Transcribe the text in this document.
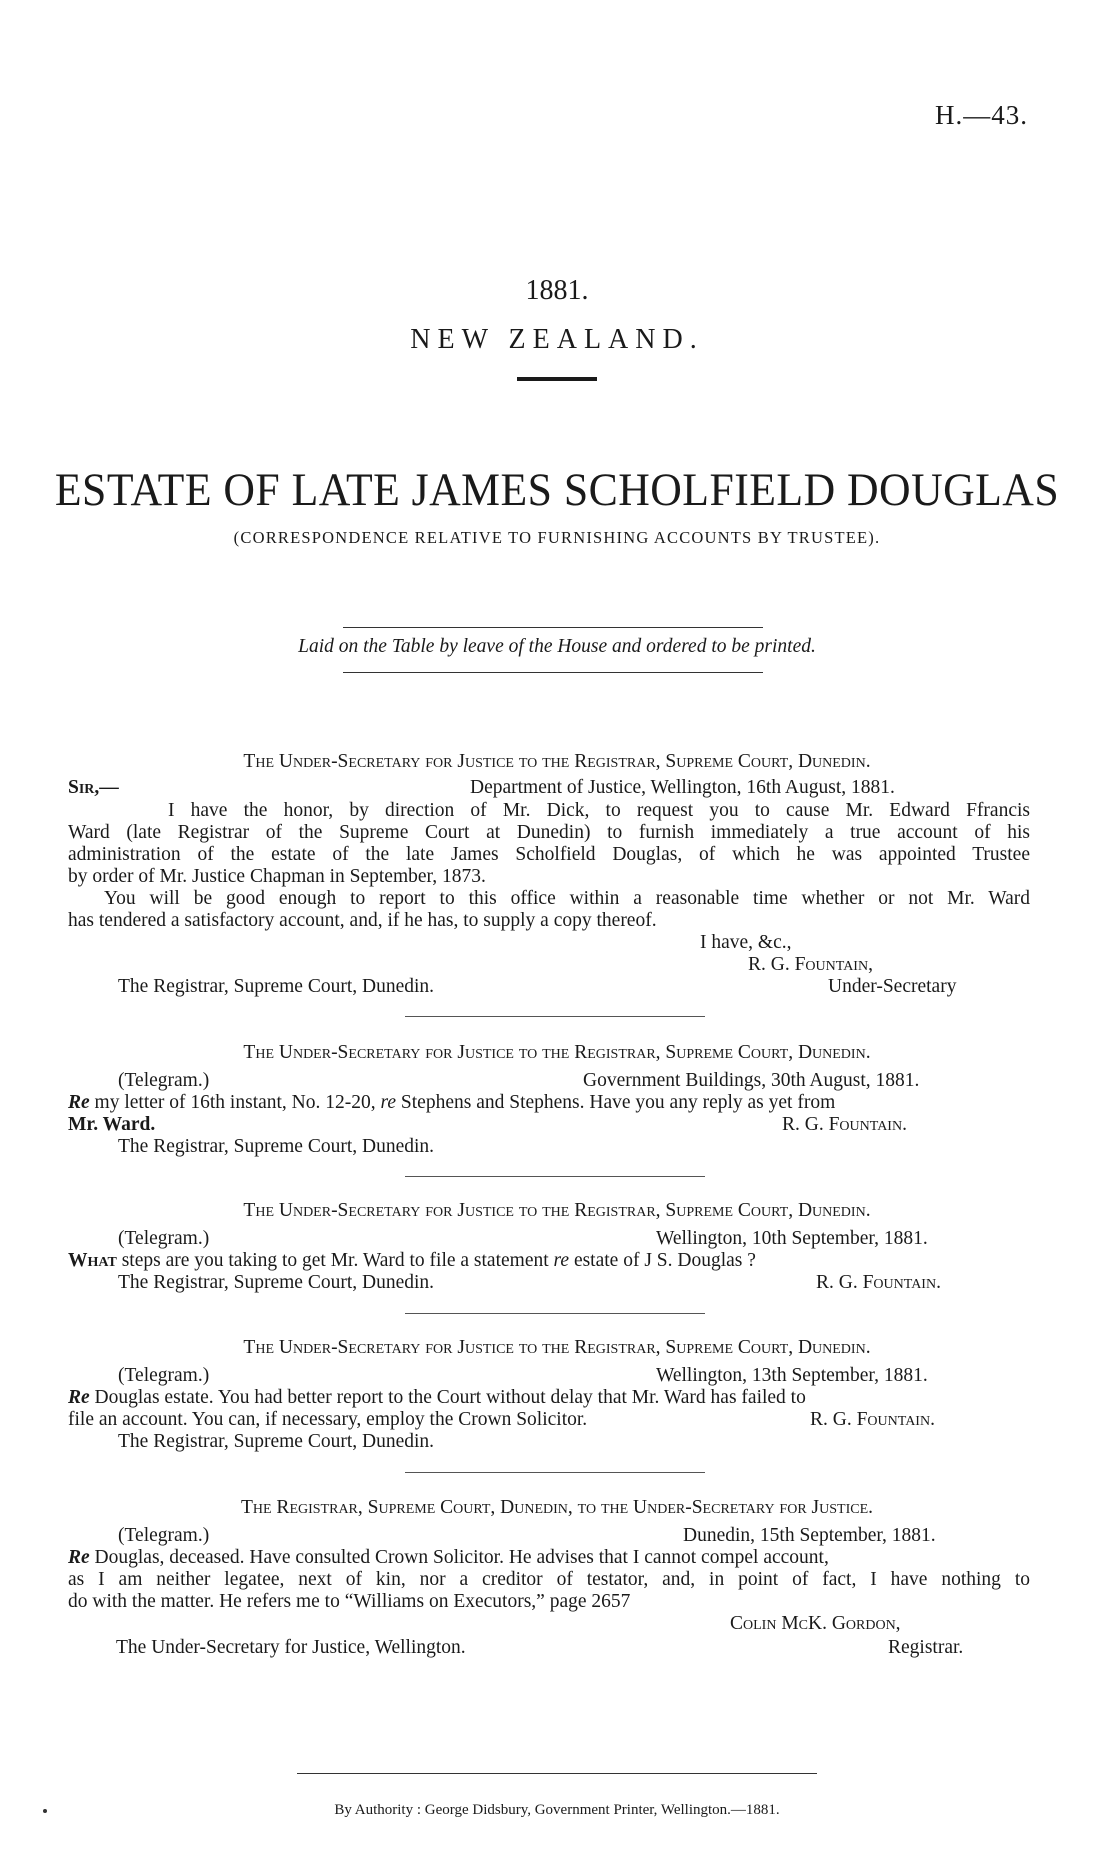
H.—43.
1881.
NEW ZEALAND.
ESTATE OF LATE JAMES SCHOLFIELD DOUGLAS
(CORRESPONDENCE RELATIVE TO FURNISHING ACCOUNTS BY TRUSTEE).
Laid on the Table by leave of the House and ordered to be printed.
The Under-Secretary for Justice to the Registrar, Supreme Court, Dunedin.
Sir,—	Department of Justice, Wellington, 16th August, 1881.
I have the honor, by direction of Mr. Dick, to request you to cause Mr. Edward Ffrancis
Ward (late Registrar of the Supreme Court at Dunedin) to furnish immediately a true account of his
administration of the estate of the late James Scholfield Douglas, of which he was appointed Trustee
by order of Mr. Justice Chapman in September, 1873.
You will be good enough to report to this office within a reasonable time whether or not Mr. Ward
has tendered a satisfactory account, and, if he has, to supply a copy thereof.
I have, &c.,
R. G. Fountain,
The Registrar, Supreme Court, Dunedin.	Under-Secretary
The Under-Secretary for Justice to the Registrar, Supreme Court, Dunedin.
(Telegram.)	Government Buildings, 30th August, 1881.
Re my letter of 16th instant, No. 12-20, re Stephens and Stephens. Have you any reply as yet from
Mr. Ward.	R. G. Fountain.
The Registrar, Supreme Court, Dunedin.
The Under-Secretary for Justice to the Registrar, Supreme Court, Dunedin.
(Telegram.)	Wellington, 10th September, 1881.
What steps are you taking to get Mr. Ward to file a statement re estate of J S. Douglas ?
The Registrar, Supreme Court, Dunedin.	R. G. Fountain.
The Under-Secretary for Justice to the Registrar, Supreme Court, Dunedin.
(Telegram.)	Wellington, 13th September, 1881.
Re Douglas estate. You had better report to the Court without delay that Mr. Ward has failed to
file an account. You can, if necessary, employ the Crown Solicitor.	R. G. Fountain.
The Registrar, Supreme Court, Dunedin.
The Registrar, Supreme Court, Dunedin, to the Under-Secretary for Justice.
(Telegram.)	Dunedin, 15th September, 1881.
Re Douglas, deceased. Have consulted Crown Solicitor. He advises that I cannot compel account,
as I am neither legatee, next of kin, nor a creditor of testator, and, in point of fact, I have nothing to
do with the matter. He refers me to “Williams on Executors,” page 2657
Colin McK. Gordon,
The Under-Secretary for Justice, Wellington.	Registrar.
By Authority : George Didsbury, Government Printer, Wellington.—1881.
